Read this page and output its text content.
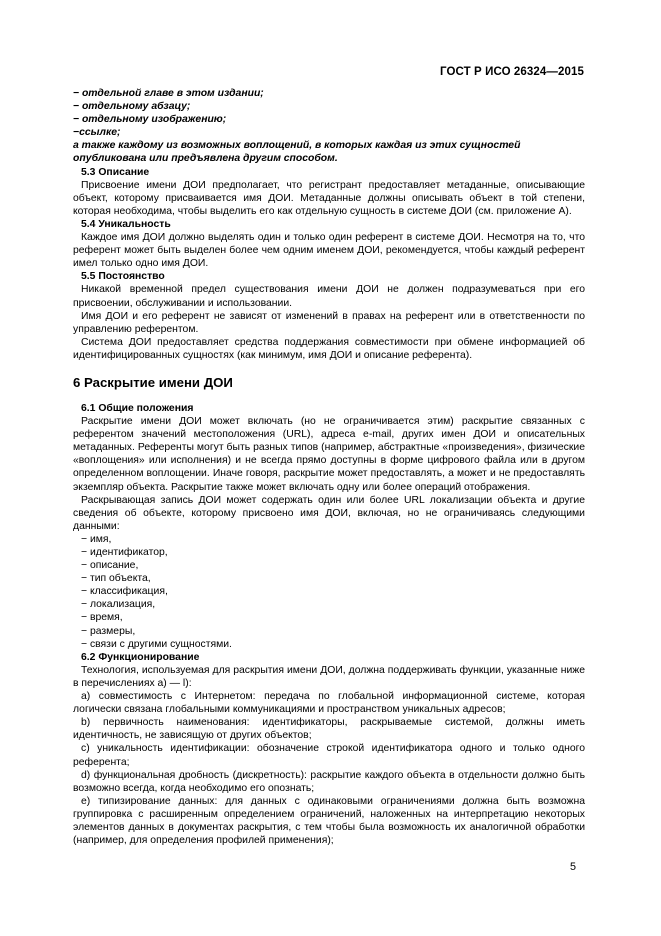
ГОСТ Р ИСО 26324—2015

− отдельной главе в этом издании;

− отдельному абзацу;

− отдельному изображению;

−ссылке;

а также каждому из возможных воплощений, в которых каждая из этих сущностей опубликована или предъявлена другим способом.

5.3 Описание

Присвоение имени ДОИ предполагает, что регистрант предоставляет метаданные, описывающие объект, которому присваивается имя ДОИ. Метаданные должны описывать объект в той степени, которая необходима, чтобы выделить его как отдельную сущность в системе ДОИ (см. приложение А).

5.4 Уникальность

Каждое имя ДОИ должно выделять один и только один референт в системе ДОИ. Несмотря на то, что референт может быть выделен более чем одним именем ДОИ, рекомендуется, чтобы каждый референт имел только одно имя ДОИ.

5.5 Постоянство

Никакой временной предел существования имени ДОИ не должен подразумеваться при его присвоении, обслуживании и использовании.

Имя ДОИ и его референт не зависят от изменений в правах на референт или в ответственности по управлению референтом.

Система ДОИ предоставляет средства поддержания совместимости при обмене информацией об идентифицированных сущностях (как минимум, имя ДОИ и описание референта).

6 Раскрытие имени ДОИ

6.1 Общие положения

Раскрытие имени ДОИ может включать (но не ограничивается этим) раскрытие связанных с референтом значений местоположения (URL), адреса e-mail, других имен ДОИ и описательных метаданных. Референты могут быть разных типов (например, абстрактные «произведения», физические «воплощения» или исполнения) и не всегда прямо доступны в форме цифрового файла или в другом определенном воплощении. Иначе говоря, раскрытие может предоставлять, а может и не предоставлять экземпляр объекта. Раскрытие также может включать одну или более операций отображения.

Раскрывающая запись ДОИ может содержать один или более URL локализации объекта и другие сведения об объекте, которому присвоено имя ДОИ, включая, но не ограничиваясь следующими данными:

− имя,

− идентификатор,

− описание,

− тип объекта,

− классификация,

− локализация,

− время,

− размеры,

− связи с другими сущностями.

6.2 Функционирование

Технология, используемая для раскрытия имени ДОИ, должна поддерживать функции, указанные ниже в перечислениях а) — l):

а) совместимость с Интернетом: передача по глобальной информационной системе, которая логически связана глобальными коммуникациями и пространством уникальных адресов;

b) первичность наименования: идентификаторы, раскрываемые системой, должны иметь идентичность, не зависящую от других объектов;

с) уникальность идентификации: обозначение строкой идентификатора одного и только одного референта;

d) функциональная дробность (дискретность): раскрытие каждого объекта в отдельности должно быть возможно всегда, когда необходимо его опознать;

е) типизирование данных: для данных с одинаковыми ограничениями должна быть возможна группировка с расширенным определением ограничений, наложенных на интерпретацию некоторых элементов данных в документах раскрытия, с тем чтобы была возможность их аналогичной обработки (например, для определения профилей применения);

5
